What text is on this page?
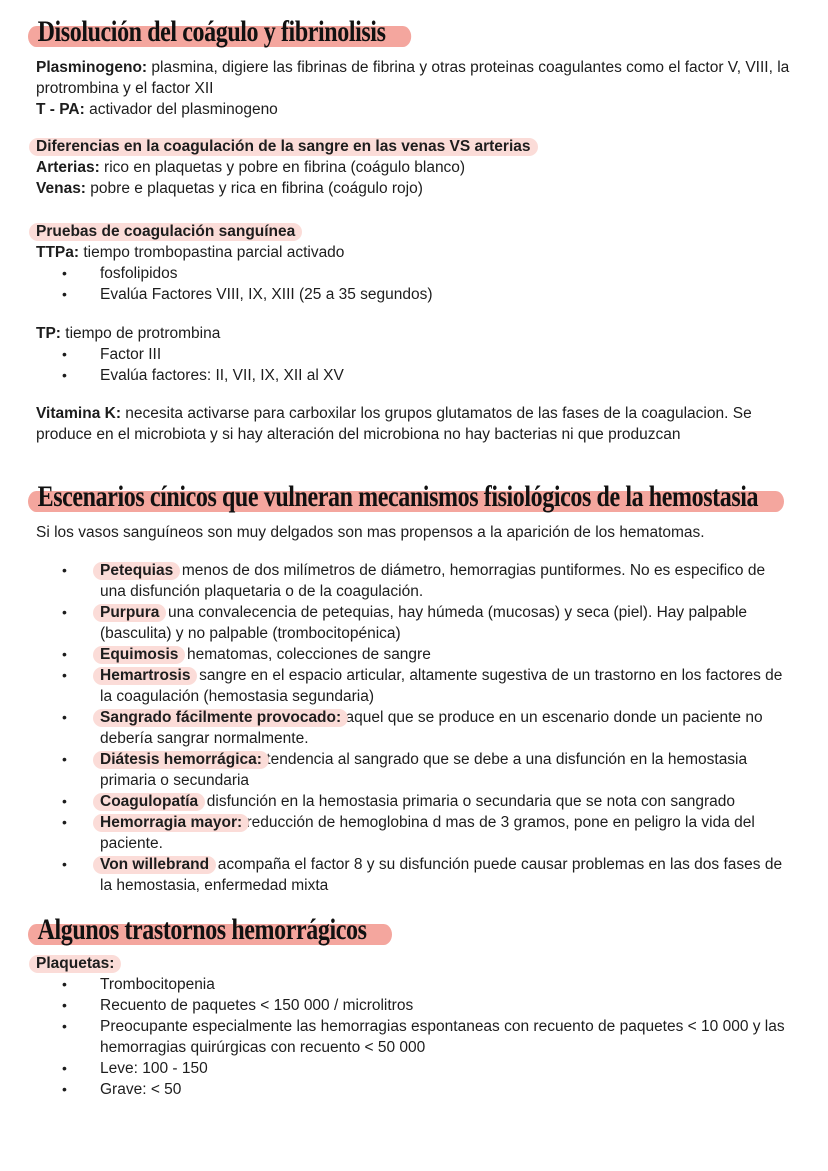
Disolución del coágulo y fibrinolisis

Plasminogeno: plasmina, digiere las fibrinas de fibrina y otras proteinas coagulantes como el factor V, VIII, la protrombina y el factor XII

T - PA: activador del plasminogeno

Diferencias en la coagulación de la sangre en las venas VS arterias

Arterias: rico en plaquetas y pobre en fibrina (coágulo blanco)

Venas: pobre e plaquetas y rica en fibrina (coágulo rojo)

Pruebas de coagulación sanguínea

TTPa: tiempo trombopastina parcial activado

• fosfolipidos
• Evalúa Factores VIII, IX, XIII (25 a 35 segundos)

TP: tiempo de protrombina

• Factor III
• Evalúa factores: II, VII, IX, XII al XV

Vitamina K: necesita activarse para carboxilar los grupos glutamatos de las fases de la coagulacion. Se produce en el microbiota y si hay alteración del microbiona no hay bacterias ni que produzcan

Escenarios cínicos que vulneran mecanismos fisiológicos de la hemostasia

Si los vasos sanguíneos son muy delgados son mas propensos a la aparición de los hematomas.

• Petequias: menos de dos milímetros de diámetro, hemorragias puntiformes. No es especifico de una disfunción plaquetaria o de la coagulación.
• Purpura: una convalecencia de petequias, hay húmeda (mucosas) y seca (piel). Hay palpable (basculita) y no palpable (trombocitopénica)
• Equimosis: hematomas, colecciones de sangre
• Hemartrosis: sangre en el espacio articular, altamente sugestiva de un trastorno en los factores de la coagulación (hemostasia segundaria)
• Sangrado fácilmente provocado: aquel que se produce en un escenario donde un paciente no debería sangrar normalmente.
• Diátesis hemorrágica: tendencia al sangrado que se debe a una disfunción en la hemostasia primaria o secundaria
• Coagulopatía: disfunción en la hemostasia primaria o secundaria que se nota con sangrado
• Hemorragia mayor: reducción de hemoglobina d mas de 3 gramos, pone en peligro la vida del paciente.
• Von willebrand: acompaña el factor 8 y su disfunción puede causar problemas en las dos fases de la hemostasia, enfermedad mixta
Algunos trastornos hemorrágicos

Plaquetas:

• Trombocitopenia
• Recuento de paquetes < 150 000 / microlitros
• Preocupante especialmente las hemorragias espontaneas con recuento de paquetes < 10 000 y las hemorragias quirúrgicas con recuento < 50 000
• Leve: 100 - 150
• Grave: < 50
